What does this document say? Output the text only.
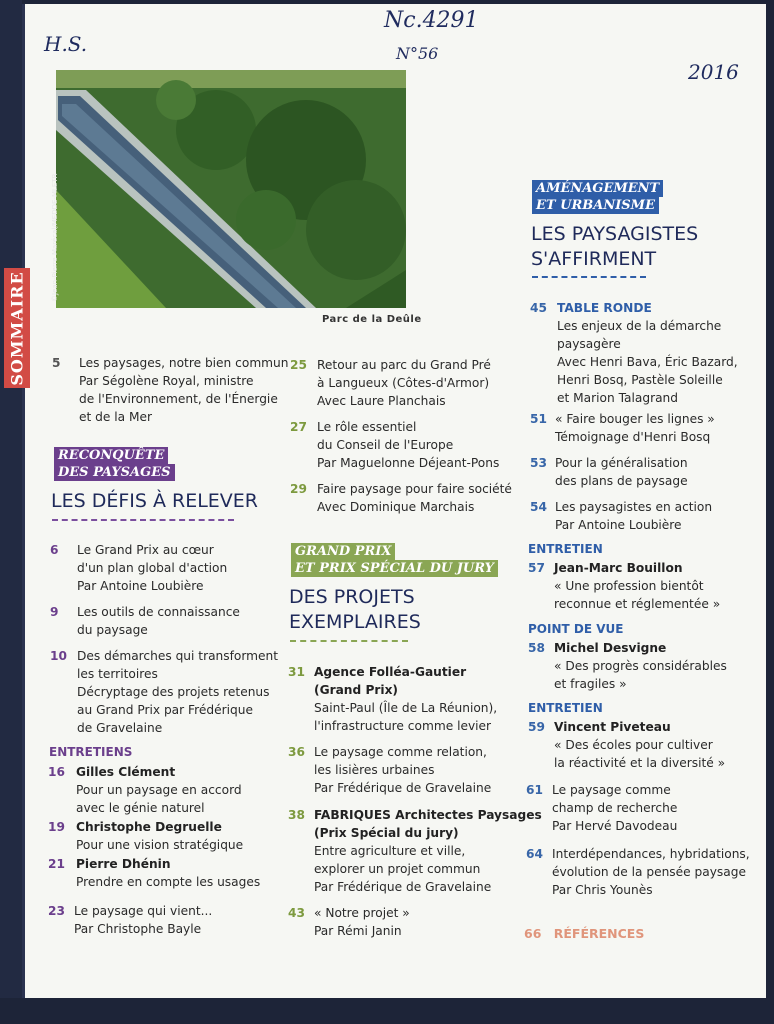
SOMMAIRE
H.S.
Nc.4291
N°56
2016
©Jean-Pierre Marécal/MEDDE-MLETR
Parc de la Deûle
5	Les paysages, notre bien commun
Par Ségolène Royal, ministre
de l'Environnement, de l'Énergie
et de la Mer
RECONQUÊTE
DES PAYSAGES
LES DÉFIS À RELEVER
6	Le Grand Prix au cœur
d'un plan global d'action
Par Antoine Loubière
9	Les outils de connaissance
du paysage
10 Des démarches qui transforment
les territoires
Décryptage des projets retenus
au Grand Prix par Frédérique
de Gravelaine
ENTRETIENS
16 Gilles Clément
Pour un paysage en accord
avec le génie naturel
19 Christophe Degruelle
Pour une vision stratégique
21 Pierre Dhénin
Prendre en compte les usages
23 Le paysage qui vient...
Par Christophe Bayle
25 Retour au parc du Grand Pré
à Langueux (Côtes-d'Armor)
Avec Laure Planchais
27 Le rôle essentiel
du Conseil de l'Europe
Par Maguelonne Déjeant-Pons
29 Faire paysage pour faire société
Avec Dominique Marchais
GRAND PRIX
ET PRIX SPÉCIAL DU JURY
DES PROJETS
EXEMPLAIRES
31 Agence Folléa-Gautier
(Grand Prix)
Saint-Paul (Île de La Réunion),
l'infrastructure comme levier
36 Le paysage comme relation,
les lisières urbaines
Par Frédérique de Gravelaine
38 FABRIQUES Architectes Paysages
(Prix Spécial du jury)
Entre agriculture et ville,
explorer un projet commun
Par Frédérique de Gravelaine
43 « Notre projet »
Par Rémi Janin
AMÉNAGEMENT
ET URBANISME
LES PAYSAGISTES
S'AFFIRMENT
45 TABLE RONDE
Les enjeux de la démarche
paysagère
Avec Henri Bava, Éric Bazard,
Henri Bosq, Pastèle Soleille
et Marion Talagrand
51 « Faire bouger les lignes »
Témoignage d'Henri Bosq
53 Pour la généralisation
des plans de paysage
54 Les paysagistes en action
Par Antoine Loubière
ENTRETIEN
57 Jean-Marc Bouillon
« Une profession bientôt
reconnue et réglementée »
POINT DE VUE
58 Michel Desvigne
« Des progrès considérables
et fragiles »
ENTRETIEN
59 Vincent Piveteau
« Des écoles pour cultiver
la réactivité et la diversité »
61 Le paysage comme
champ de recherche
Par Hervé Davodeau
64 Interdépendances, hybridations,
évolution de la pensée paysage
Par Chris Younès
66 RÉFÉRENCES
